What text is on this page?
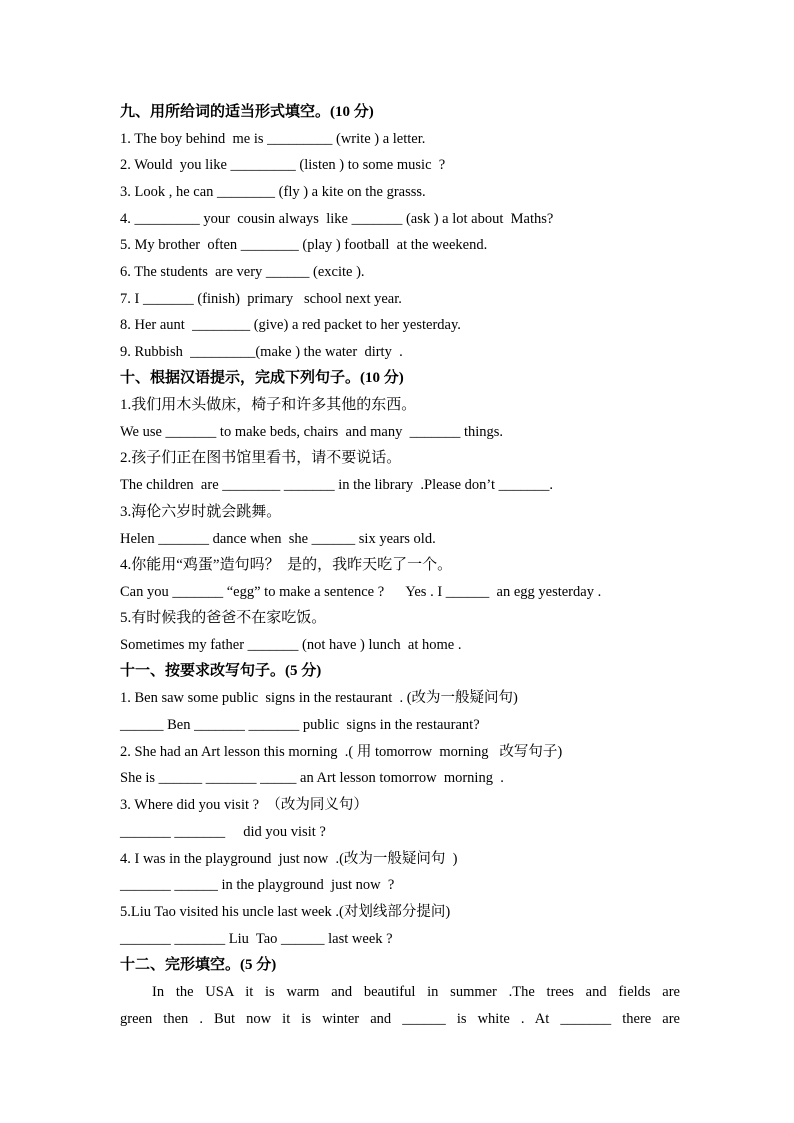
九、用所给词的适当形式填空。(10 分)
1. The boy behind  me is _________ (write ) a letter.
2. Would  you like _________ (listen ) to some music  ?
3. Look , he can ________ (fly ) a kite on the grasss.
4. _________ your  cousin always  like _______ (ask ) a lot about  Maths?
5. My brother  often ________ (play ) football  at the weekend.
6. The students  are very ______ (excite ).
7. I _______ (finish)  primary   school next year.
8. Her aunt  ________ (give) a red packet to her yesterday.
9. Rubbish  _________(make ) the water  dirty  .
十、根据汉语提示，完成下列句子。(10 分)
1.我们用木头做床，椅子和许多其他的东西。
We use _______ to make beds, chairs  and many  _______ things.
2.孩子们正在图书馆里看书，请不要说话。
The children  are ________ _______ in the library  .Please don’t _______.
3.海伦六岁时就会跳舞。
Helen _______ dance when  she ______ six years old.
4.你能用“鸡蛋”造句吗？  是的，我昨天吃了一个。
Can you _______ “egg” to make a sentence ?      Yes . I ______  an egg yesterday .
5.有时候我的爸爸不在家吃饭。
Sometimes my father _______ (not have ) lunch  at home .
十一、按要求改写句子。(5 分)
1. Ben saw some public  signs in the restaurant  . (改为一般疑问句)
______ Ben _______ _______ public  signs in the restaurant?
2. She had an Art lesson this morning  .( 用 tomorrow  morning   改写句子)
She is ______ _______ _____ an Art lesson tomorrow  morning  .
3. Where did you visit ?  （改为同义句）
_______ _______     did you visit ?
4. I was in the playground  just now  .(改为一般疑问句  )
_______ ______ in the playground  just now  ?
5.Liu Tao visited his uncle last week .(对划线部分提问)
_______ _______ Liu  Tao ______ last week ?
十二、完形填空。(5 分)
In the USA it is warm and beautiful in summer .The trees and fields are
green then . But now it is winter and ______ is white . At _______ there are
